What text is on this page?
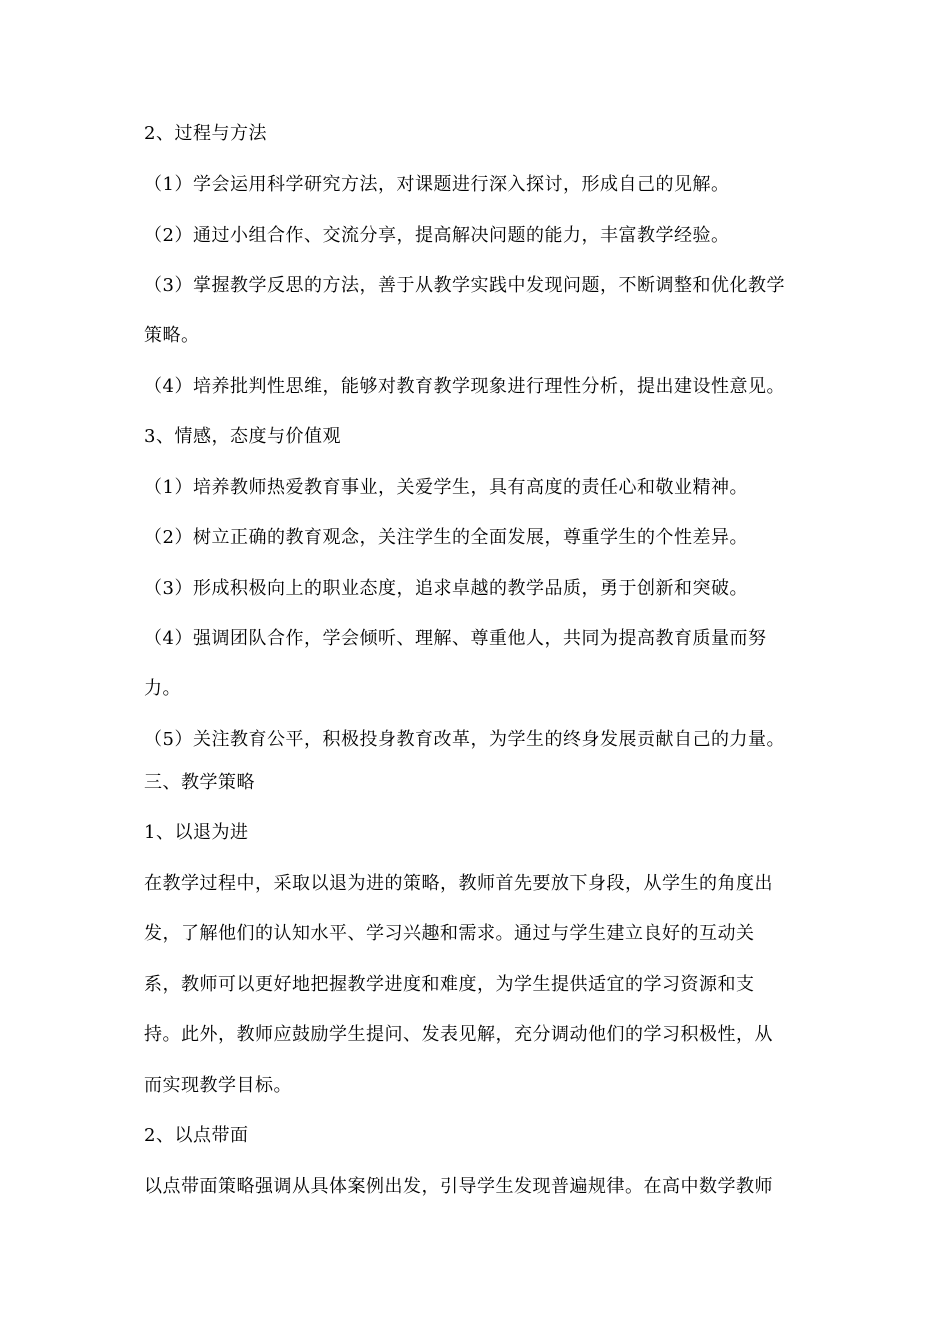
2、过程与方法
（1）学会运用科学研究方法，对课题进行深入探讨，形成自己的见解。
（2）通过小组合作、交流分享，提高解决问题的能力，丰富教学经验。
（3）掌握教学反思的方法，善于从教学实践中发现问题，不断调整和优化教学
策略。
（4）培养批判性思维，能够对教育教学现象进行理性分析，提出建设性意见。
3、情感，态度与价值观
（1）培养教师热爱教育事业，关爱学生，具有高度的责任心和敬业精神。
（2）树立正确的教育观念，关注学生的全面发展，尊重学生的个性差异。
（3）形成积极向上的职业态度，追求卓越的教学品质，勇于创新和突破。
（4）强调团队合作，学会倾听、理解、尊重他人，共同为提高教育质量而努
力。
（5）关注教育公平，积极投身教育改革，为学生的终身发展贡献自己的力量。
三、教学策略
1、以退为进
在教学过程中，采取以退为进的策略，教师首先要放下身段，从学生的角度出
发，了解他们的认知水平、学习兴趣和需求。通过与学生建立良好的互动关
系，教师可以更好地把握教学进度和难度，为学生提供适宜的学习资源和支
持。此外，教师应鼓励学生提问、发表见解，充分调动他们的学习积极性，从
而实现教学目标。
2、以点带面
以点带面策略强调从具体案例出发，引导学生发现普遍规律。在高中数学教师
